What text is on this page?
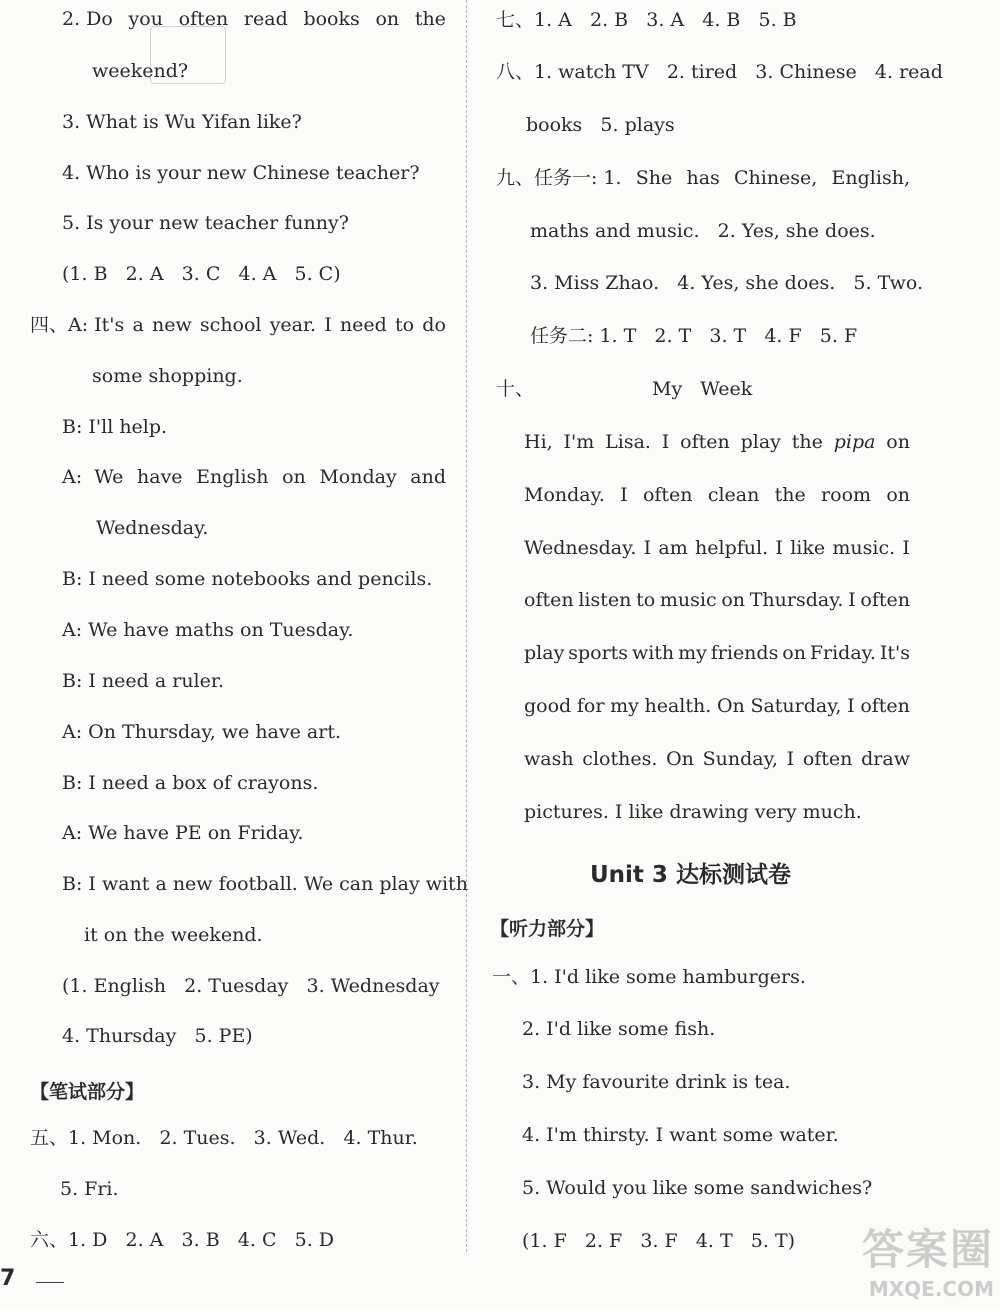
2. Do you often read books on the
weekend?
3. What is Wu Yifan like?
4. Who is your new Chinese teacher?
5. Is your new teacher funny?
(1. B   2. A   3. C   4. A   5. C)
四、A: It's a new school year. I need to do
some shopping.
B: I'll help.
A:  We have English on Monday and
Wednesday.
B: I need some notebooks and pencils.
A: We have maths on Tuesday.
B: I need a ruler.
A: On Thursday, we have art.
B: I need a box of crayons.
A: We have PE on Friday.
B: I want a new football. We can play with
it on the weekend.
(1. English   2. Tuesday   3. Wednesday
4. Thursday   5. PE)
【笔试部分】
五、1. Mon.   2. Tues.   3. Wed.   4. Thur.
5. Fri.
六、1. D   2. A   3. B   4. C   5. D
7
七、1. A   2. B   3. A   4. B   5. B
八、1. watch TV   2. tired   3. Chinese   4. read
books   5. plays
九、任务一: 1. She has Chinese, English,
maths and music.   2. Yes, she does.
3. Miss Zhao.   4. Yes, she does.   5. Two.
任务二: 1. T   2. T   3. T   4. F   5. F
十、	My   Week
Hi, I'm Lisa. I often play the pipa on
Monday. I often clean the room on
Wednesday. I am helpful. I like music. I
often listen to music on Thursday. I often
play sports with my friends on Friday. It's
good for my health. On Saturday, I often
wash clothes. On Sunday, I often draw
pictures. I like drawing very much.
【听力部分】
一、1. I'd like some hamburgers.
2. I'd like some fish.
3. My favourite drink is tea.
4. I'm thirsty. I want some water.
5. Would you like some sandwiches?
(1. F   2. F   3. F   4. T   5. T)
Unit 3 达标测试卷
答案圈
MXQE.COM
